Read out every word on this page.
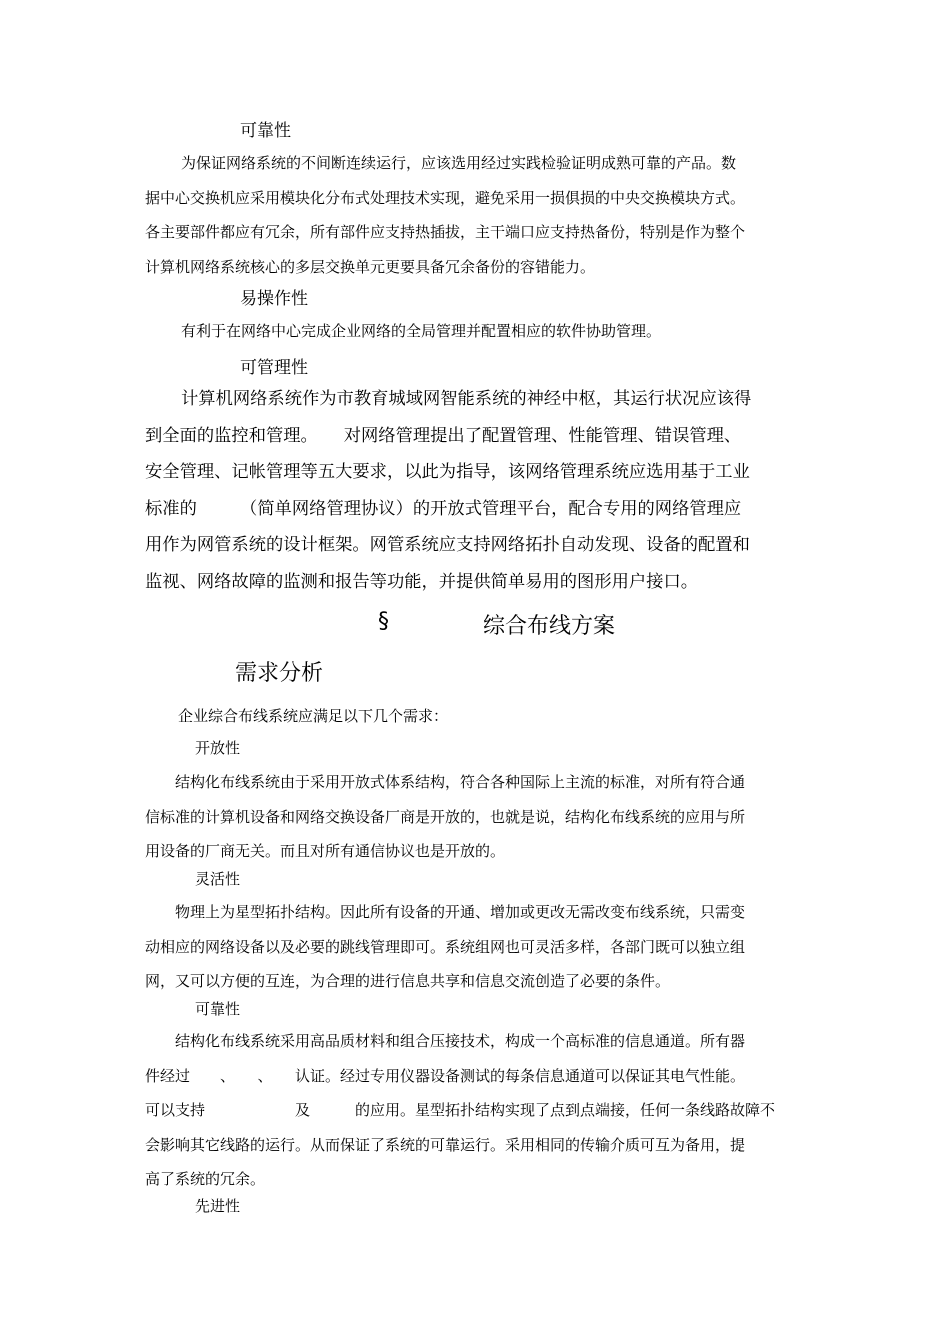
可靠性
为保证网络系统的不间断连续运行，应该选用经过实践检验证明成熟可靠的产品。数
据中心交换机应采用模块化分布式处理技术实现，避免采用一损俱损的中央交换模块方式。
各主要部件都应有冗余，所有部件应支持热插拔，主干端口应支持热备份，特别是作为整个
计算机网络系统核心的多层交换单元更要具备冗余备份的容错能力。
易操作性
有利于在网络中心完成企业网络的全局管理并配置相应的软件协助管理。
可管理性
计算机网络系统作为市教育城域网智能系统的神经中枢，其运行状况应该得
到全面的监控和管理。　　对网络管理提出了配置管理、性能管理、错误管理、
安全管理、记帐管理等五大要求，以此为指导，该网络管理系统应选用基于工业
标准的　　　（简单网络管理协议）的开放式管理平台，配合专用的网络管理应
用作为网管系统的设计框架。网管系统应支持网络拓扑自动发现、设备的配置和
监视、网络故障的监测和报告等功能，并提供简单易用的图形用户接口。
§	综合布线方案
需求分析
企业综合布线系统应满足以下几个需求：
开放性
结构化布线系统由于采用开放式体系结构，符合各种国际上主流的标准，对所有符合通
信标准的计算机设备和网络交换设备厂商是开放的，也就是说，结构化布线系统的应用与所
用设备的厂商无关。而且对所有通信协议也是开放的。
灵活性
物理上为星型拓扑结构。因此所有设备的开通、增加或更改无需改变布线系统，只需变
动相应的网络设备以及必要的跳线管理即可。系统组网也可灵活多样，各部门既可以独立组
网，又可以方便的互连，为合理的进行信息共享和信息交流创造了必要的条件。
可靠性
结构化布线系统采用高品质材料和组合压接技术，构成一个高标准的信息通道。所有器
件经过　　、　　、　　认证。经过专用仪器设备测试的每条信息通道可以保证其电气性能。
可以支持　　　　　　及　　　的应用。星型拓扑结构实现了点到点端接，任何一条线路故障不
会影响其它线路的运行。从而保证了系统的可靠运行。采用相同的传输介质可互为备用，提
高了系统的冗余。
先进性
